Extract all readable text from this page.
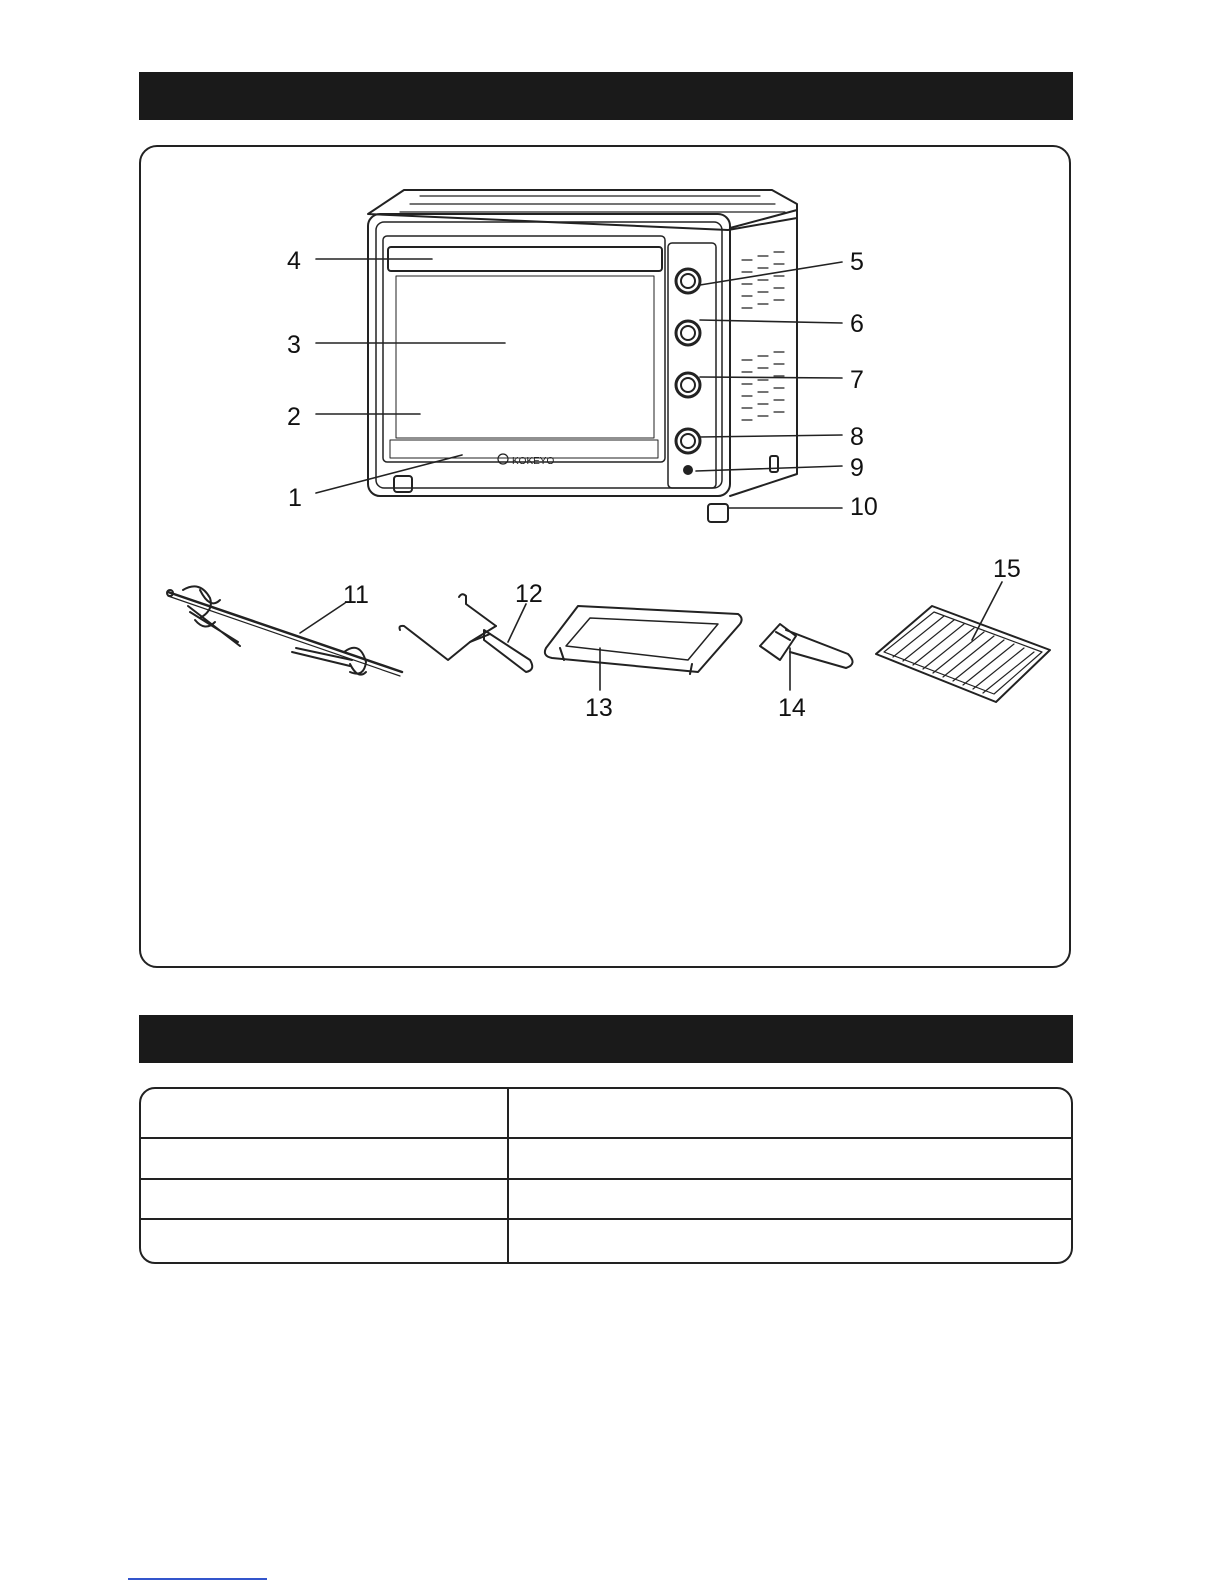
KOKEYO
1
2
3
4	5
6
7
8
9
10
11	12
13	14
15
